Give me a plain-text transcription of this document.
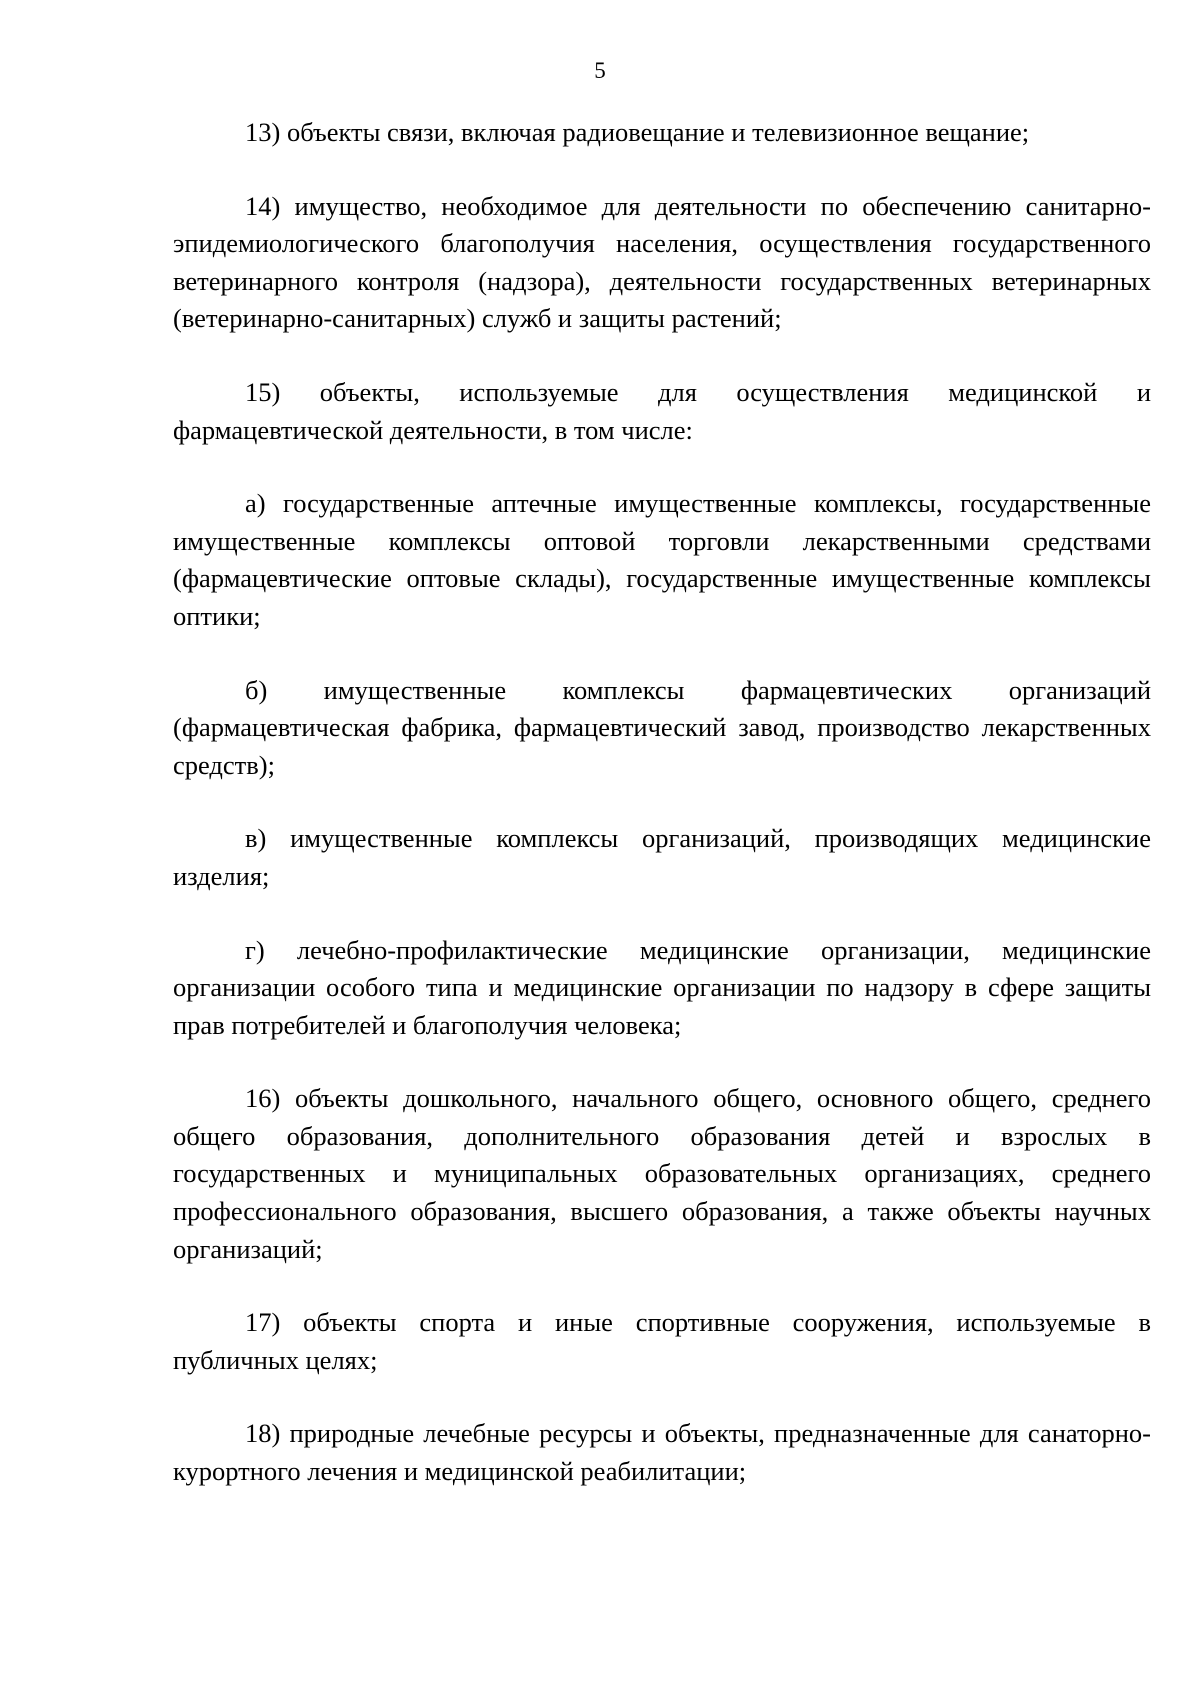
5

13) объекты связи, включая радиовещание и телевизионное вещание;

14) имущество, необходимое для деятельности по обеспечению санитарно-эпидемиологического благополучия населения, осуществления государственного ветеринарного контроля (надзора), деятельности государственных ветеринарных (ветеринарно-санитарных) служб и защиты растений;

15) объекты, используемые для осуществления медицинской и фармацевтической деятельности, в том числе:

а) государственные аптечные имущественные комплексы, государственные имущественные комплексы оптовой торговли лекарственными средствами (фармацевтические оптовые склады), государственные имущественные комплексы оптики;

б) имущественные комплексы фармацевтических организаций (фармацевтическая фабрика, фармацевтический завод, производство лекарственных средств);

в) имущественные комплексы организаций, производящих медицинские изделия;

г) лечебно-профилактические медицинские организации, медицинские организации особого типа и медицинские организации по надзору в сфере защиты прав потребителей и благополучия человека;

16) объекты дошкольного, начального общего, основного общего, среднего общего образования, дополнительного образования детей и взрослых в государственных и муниципальных образовательных организациях, среднего профессионального образования, высшего образования, а также объекты научных организаций;

17) объекты спорта и иные спортивные сооружения, используемые в публичных целях;

18) природные лечебные ресурсы и объекты, предназначенные для санаторно-курортного лечения и медицинской реабилитации;
